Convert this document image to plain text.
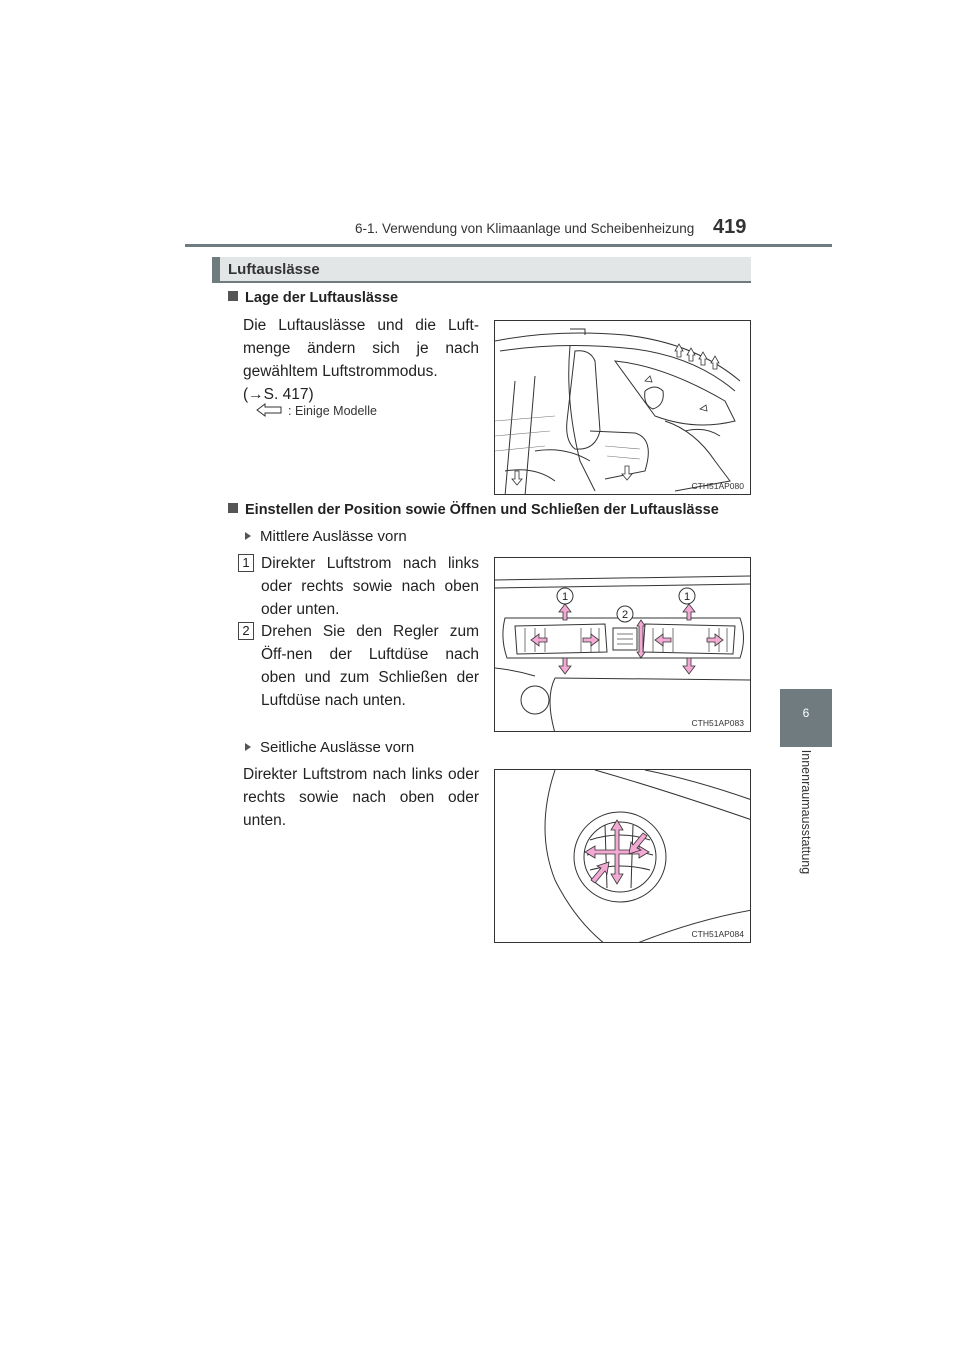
6-1. Verwendung von Klimaanlage und Scheibenheizung 419
6
Innenraumausstattung
Luftauslässe
Lage der Luftauslässe
Die Luftauslässe und die Luft-menge ändern sich je nach gewähltem Luftstrommodus.
(→S. 417)
: Einige Modelle
CTH51AP080
Einstellen der Position sowie Öffnen und Schließen der Luftauslässe
Mittlere Auslässe vorn
1 Direkter Luftstrom nach links oder rechts sowie nach oben oder unten.
2 Drehen Sie den Regler zum Öff-nen der Luftdüse nach oben und zum Schließen der Luftdüse nach unten.
1
2
1
CTH51AP083
Seitliche Auslässe vorn
Direkter Luftstrom nach links oder rechts sowie nach oben oder unten.
CTH51AP084
